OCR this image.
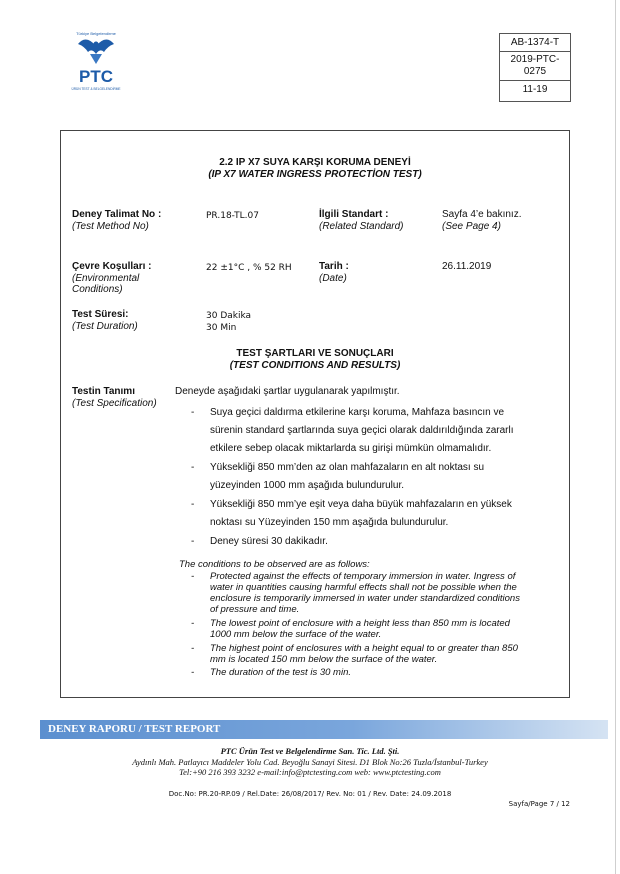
Türkiye Belgelendirme
PTC
ÜRÜN TEST & BELGELENDİRME
AB-1374-T
2019-PTC-0275
11-19
2.2 IP X7 SUYA KARŞI KORUMA DENEYİ
(IP X7 WATER INGRESS PROTECTİON TEST)
Deney Talimat No :
(Test Method No)
PR.18-TL.07	İlgili Standart :
(Related Standard)
Sayfa 4’e bakınız.
(See Page 4)
Çevre Koşulları :
(Environmental
Conditions)
22 ±1°C , % 52 RH	Tarih :
(Date)
26.11.2019
Test Süresi:
(Test Duration)
30 Dakika
30 Min
TEST ŞARTLARI VE SONUÇLARI
(TEST CONDITIONS AND RESULTS)
Testin Tanımı
(Test Specification)
Deneyde aşağıdaki şartlar uygulanarak yapılmıştır.
- Suya geçici daldırma etkilerine karşı koruma, Mahfaza basıncın ve
sürenin standard şartlarında suya geçici olarak daldırıldığında zararlı
etkilere sebep olacak miktarlarda su girişi mümkün olmamalıdır.
- Yüksekliği 850 mm’den az olan mahfazaların en alt noktası su
yüzeyinden 1000 mm aşağıda bulundurulur.
- Yüksekliği 850 mm’ye eşit veya daha büyük mahfazaların en yüksek
noktası su Yüzeyinden 150 mm aşağıda bulundurulur.
- Deney süresi 30 dakikadır.
The conditions to be observed are as follows:
- Protected against the effects of temporary immersion in water. Ingress of
water in quantities causing harmful effects shall not be possible when the
enclosure is temporarily immersed in water under standardized conditions
of pressure and time.
- The lowest point of enclosure with a height less than 850 mm is located
1000 mm below the surface of the water.
- The highest point of enclosures with a height equal to or greater than 850
mm is located 150 mm below the surface of the water.
- The duration of the test is 30 min.
DENEY RAPORU / TEST REPORT
PTC Ürün Test ve Belgelendirme San. Tic. Ltd. Şti.
Aydınlı Mah. Patlayıcı Maddeler Yolu Cad. Beyoğlu Sanayi Sitesi. D1 Blok No:26 Tuzla/İstanbul-Turkey
Tel:+90 216 393 3232 e-mail:info@ptctesting.com web: www.ptctesting.com
Doc.No: PR.20-RP.09 / Rel.Date: 26/08/2017/ Rev. No: 01 / Rev. Date: 24.09.2018
Sayfa/Page 7 / 12
